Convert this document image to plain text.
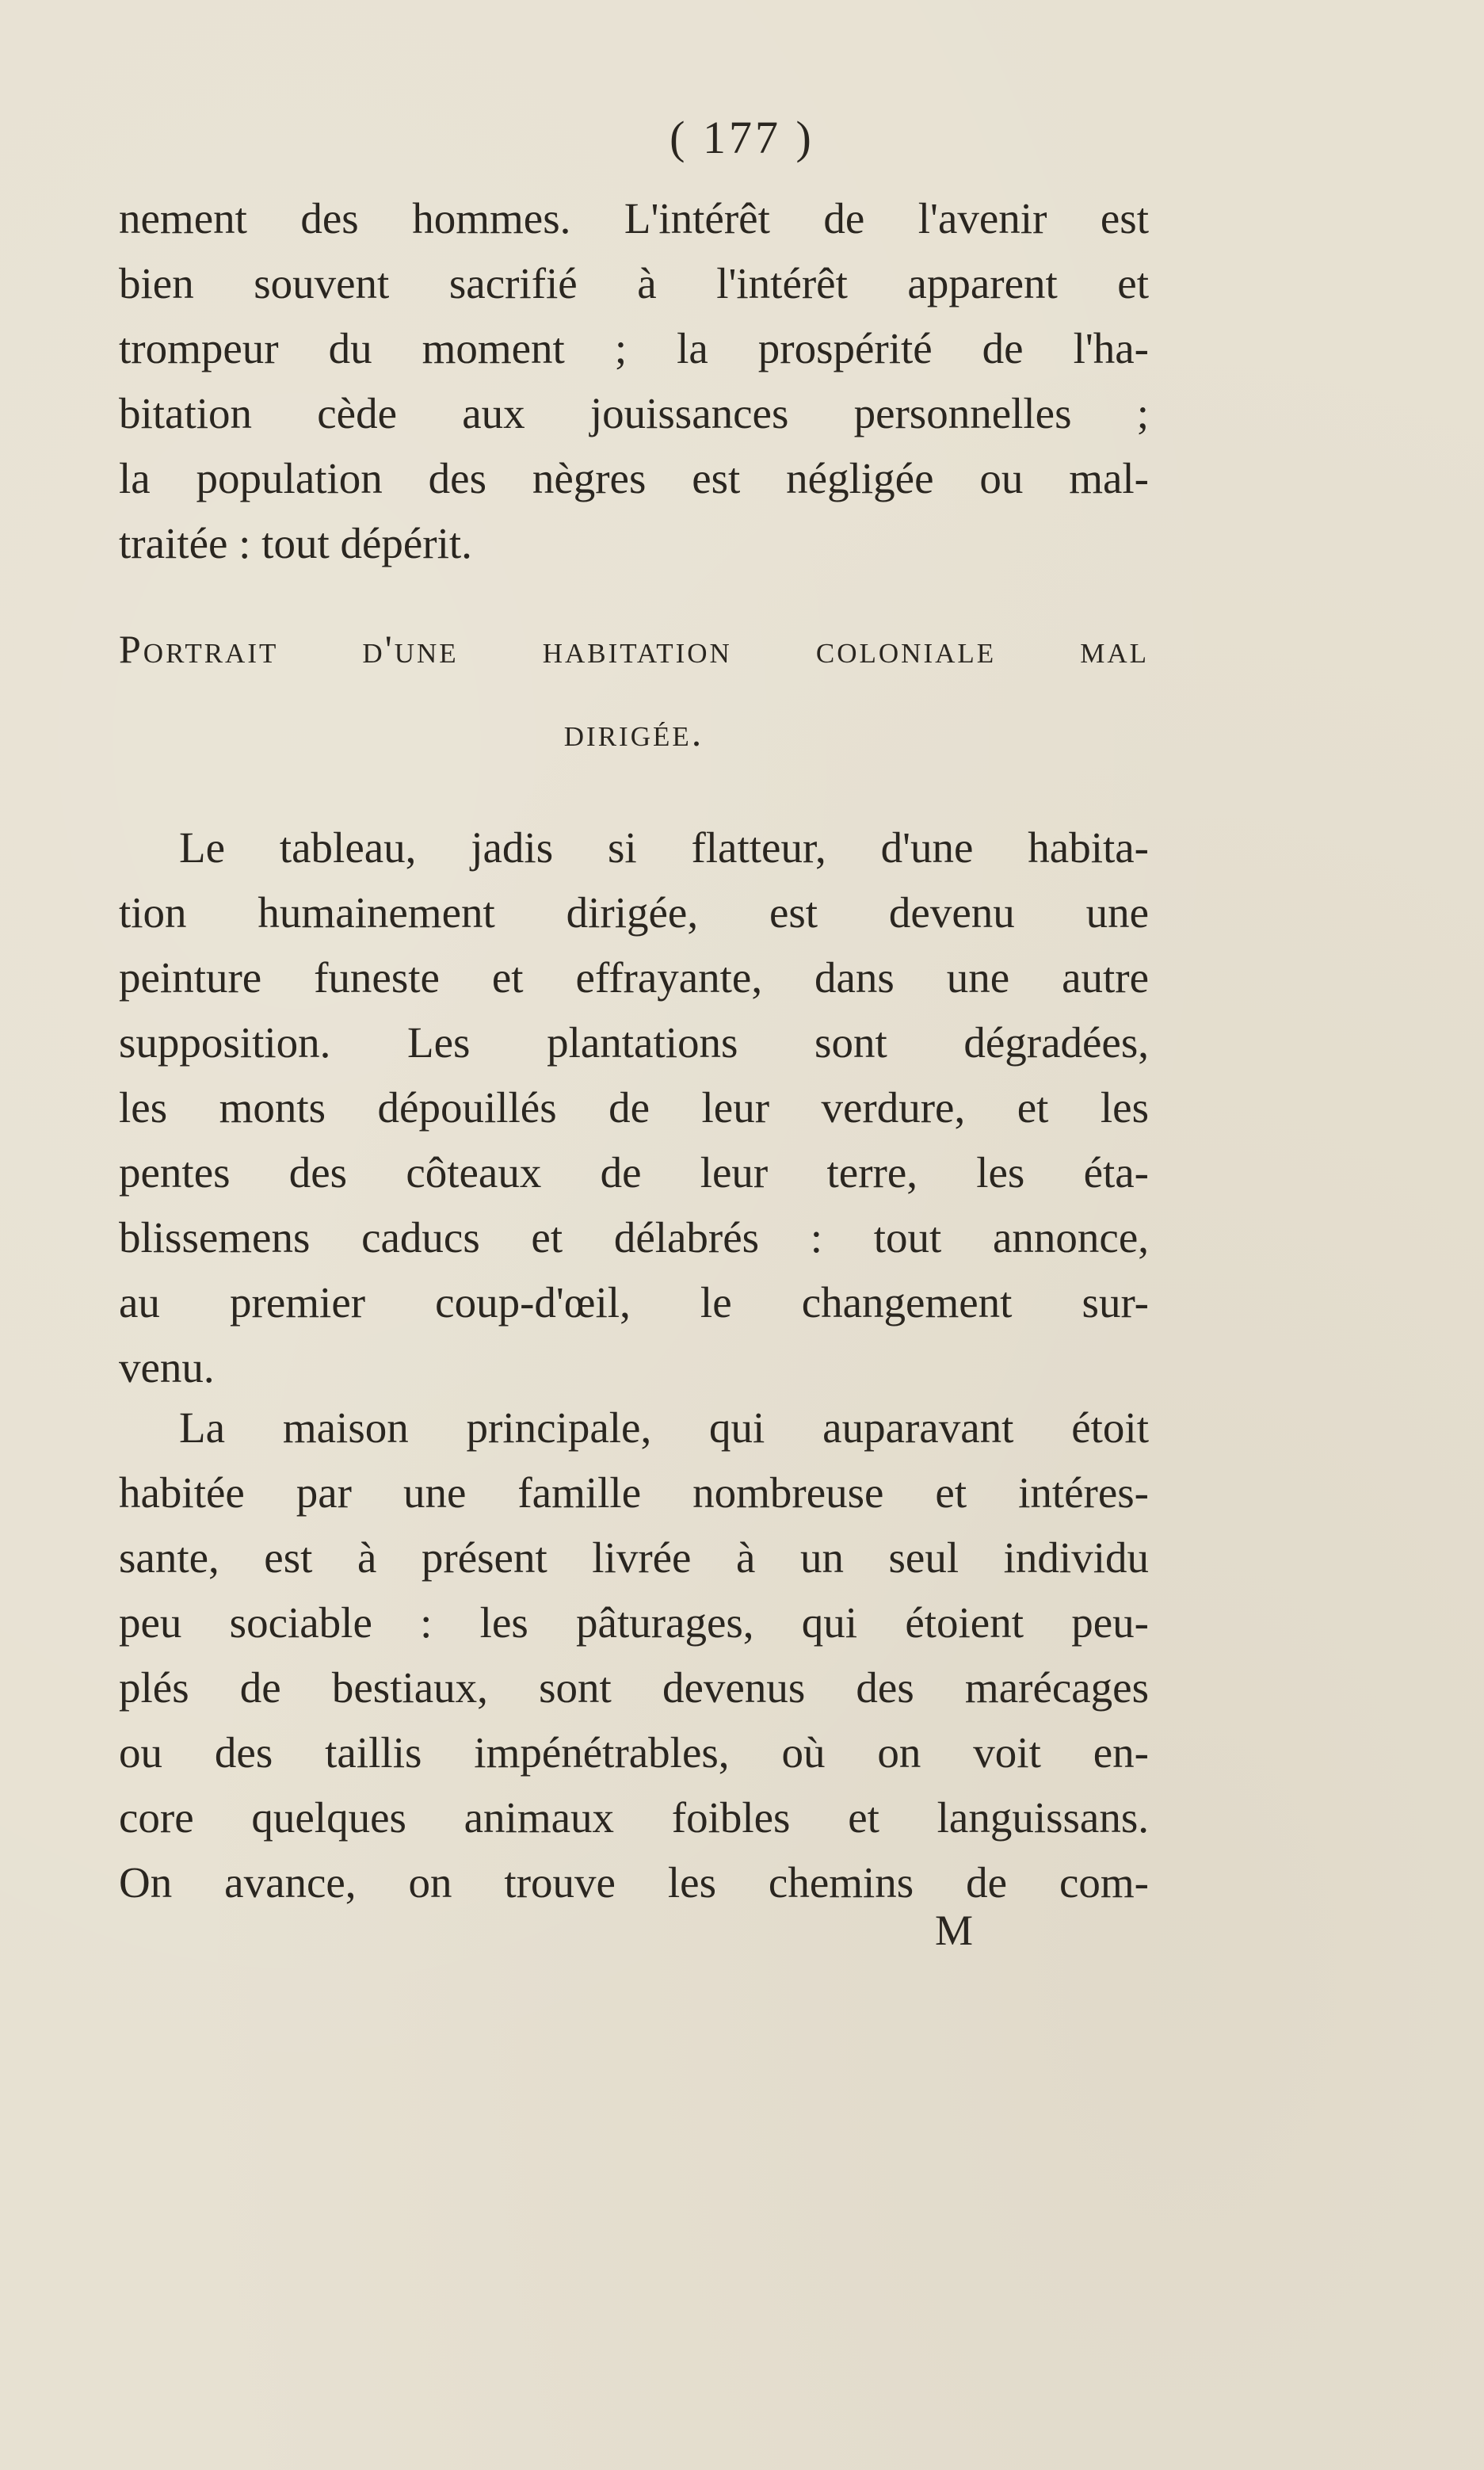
( 177 )
nement des hommes. L'intérêt de l'avenir est
bien souvent sacrifié à l'intérêt apparent et
trompeur du moment ; la prospérité de l'ha-
bitation cède aux jouissances personnelles ;
la population des nègres est négligée ou mal-
traitée : tout dépérit.
Portrait d'une habitation coloniale mal
dirigée.
Le tableau, jadis si flatteur, d'une habita-
tion humainement dirigée, est devenu une
peinture funeste et effrayante, dans une autre
supposition. Les plantations sont dégradées,
les monts dépouillés de leur verdure, et les
pentes des côteaux de leur terre, les éta-
blissemens caducs et délabrés : tout annonce,
au premier coup-d'œil, le changement sur-
venu.
La maison principale, qui auparavant étoit
habitée par une famille nombreuse et intéres-
sante, est à présent livrée à un seul individu
peu sociable : les pâturages, qui étoient peu-
plés de bestiaux, sont devenus des marécages
ou des taillis impénétrables, où on voit en-
core quelques animaux foibles et languissans.
On avance, on trouve les chemins de com-
M
